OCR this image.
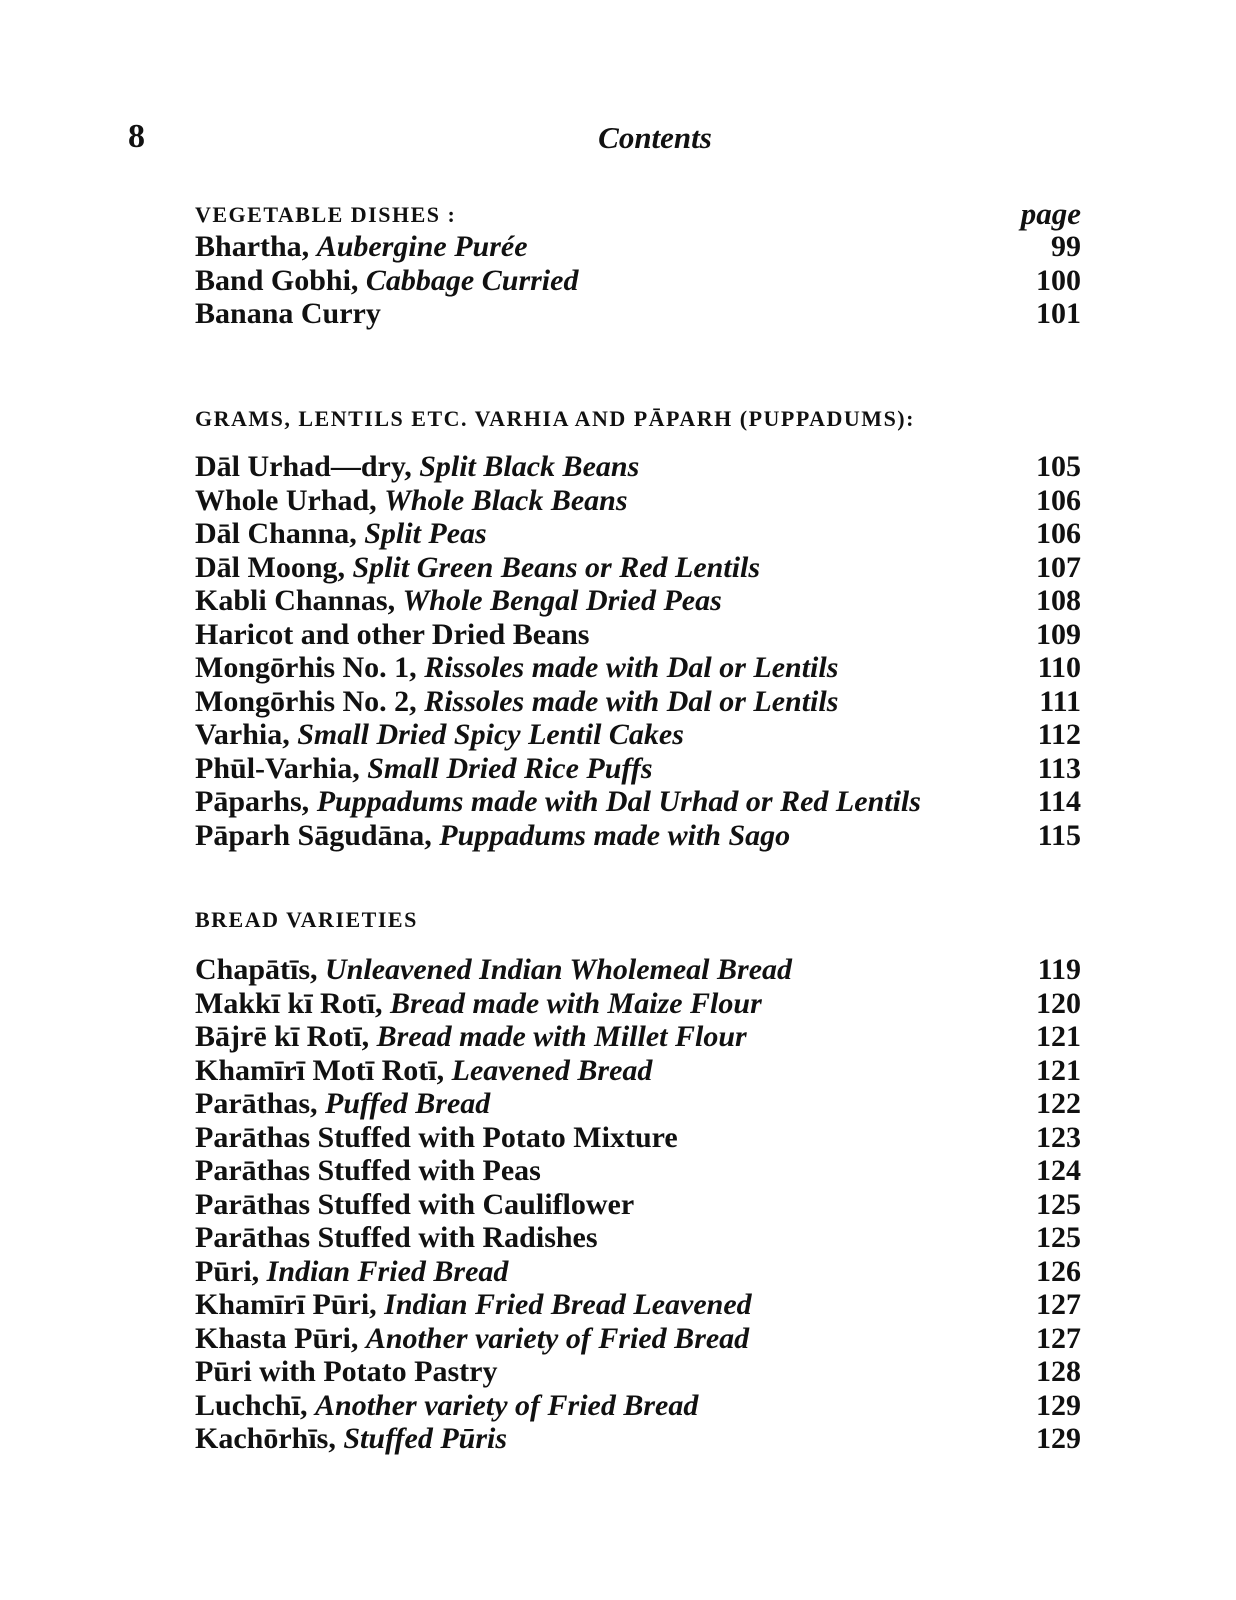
8	Contents
page
VEGETABLE DISHES :
Bhartha, Aubergine Purée	99
Band Gobhi, Cabbage Curried	100
Banana Curry	101
GRAMS, LENTILS ETC. VARHIA AND PĀPARH (PUPPADUMS):
Dāl Urhad—dry, Split Black Beans	105
Whole Urhad, Whole Black Beans	106
Dāl Channa, Split Peas	106
Dāl Moong, Split Green Beans or Red Lentils	107
Kabli Channas, Whole Bengal Dried Peas	108
Haricot and other Dried Beans	109
Mongōrhis No. 1, Rissoles made with Dal or Lentils	110
Mongōrhis No. 2, Rissoles made with Dal or Lentils	111
Varhia, Small Dried Spicy Lentil Cakes	112
Phūl-Varhia, Small Dried Rice Puffs	113
Pāparhs, Puppadums made with Dal Urhad or Red Lentils	114
Pāparh Sāgudāna, Puppadums made with Sago	115
BREAD VARIETIES
Chapātīs, Unleavened Indian Wholemeal Bread	119
Makkī kī Rotī, Bread made with Maize Flour	120
Bājrē kī Rotī, Bread made with Millet Flour	121
Khamīrī Motī Rotī, Leavened Bread	121
Parāthas, Puffed Bread	122
Parāthas Stuffed with Potato Mixture	123
Parāthas Stuffed with Peas	124
Parāthas Stuffed with Cauliflower	125
Parāthas Stuffed with Radishes	125
Pūri, Indian Fried Bread	126
Khamīrī Pūri, Indian Fried Bread Leavened	127
Khasta Pūri, Another variety of Fried Bread	127
Pūri with Potato Pastry	128
Luchchī, Another variety of Fried Bread	129
Kachōrhīs, Stuffed Pūris	129
